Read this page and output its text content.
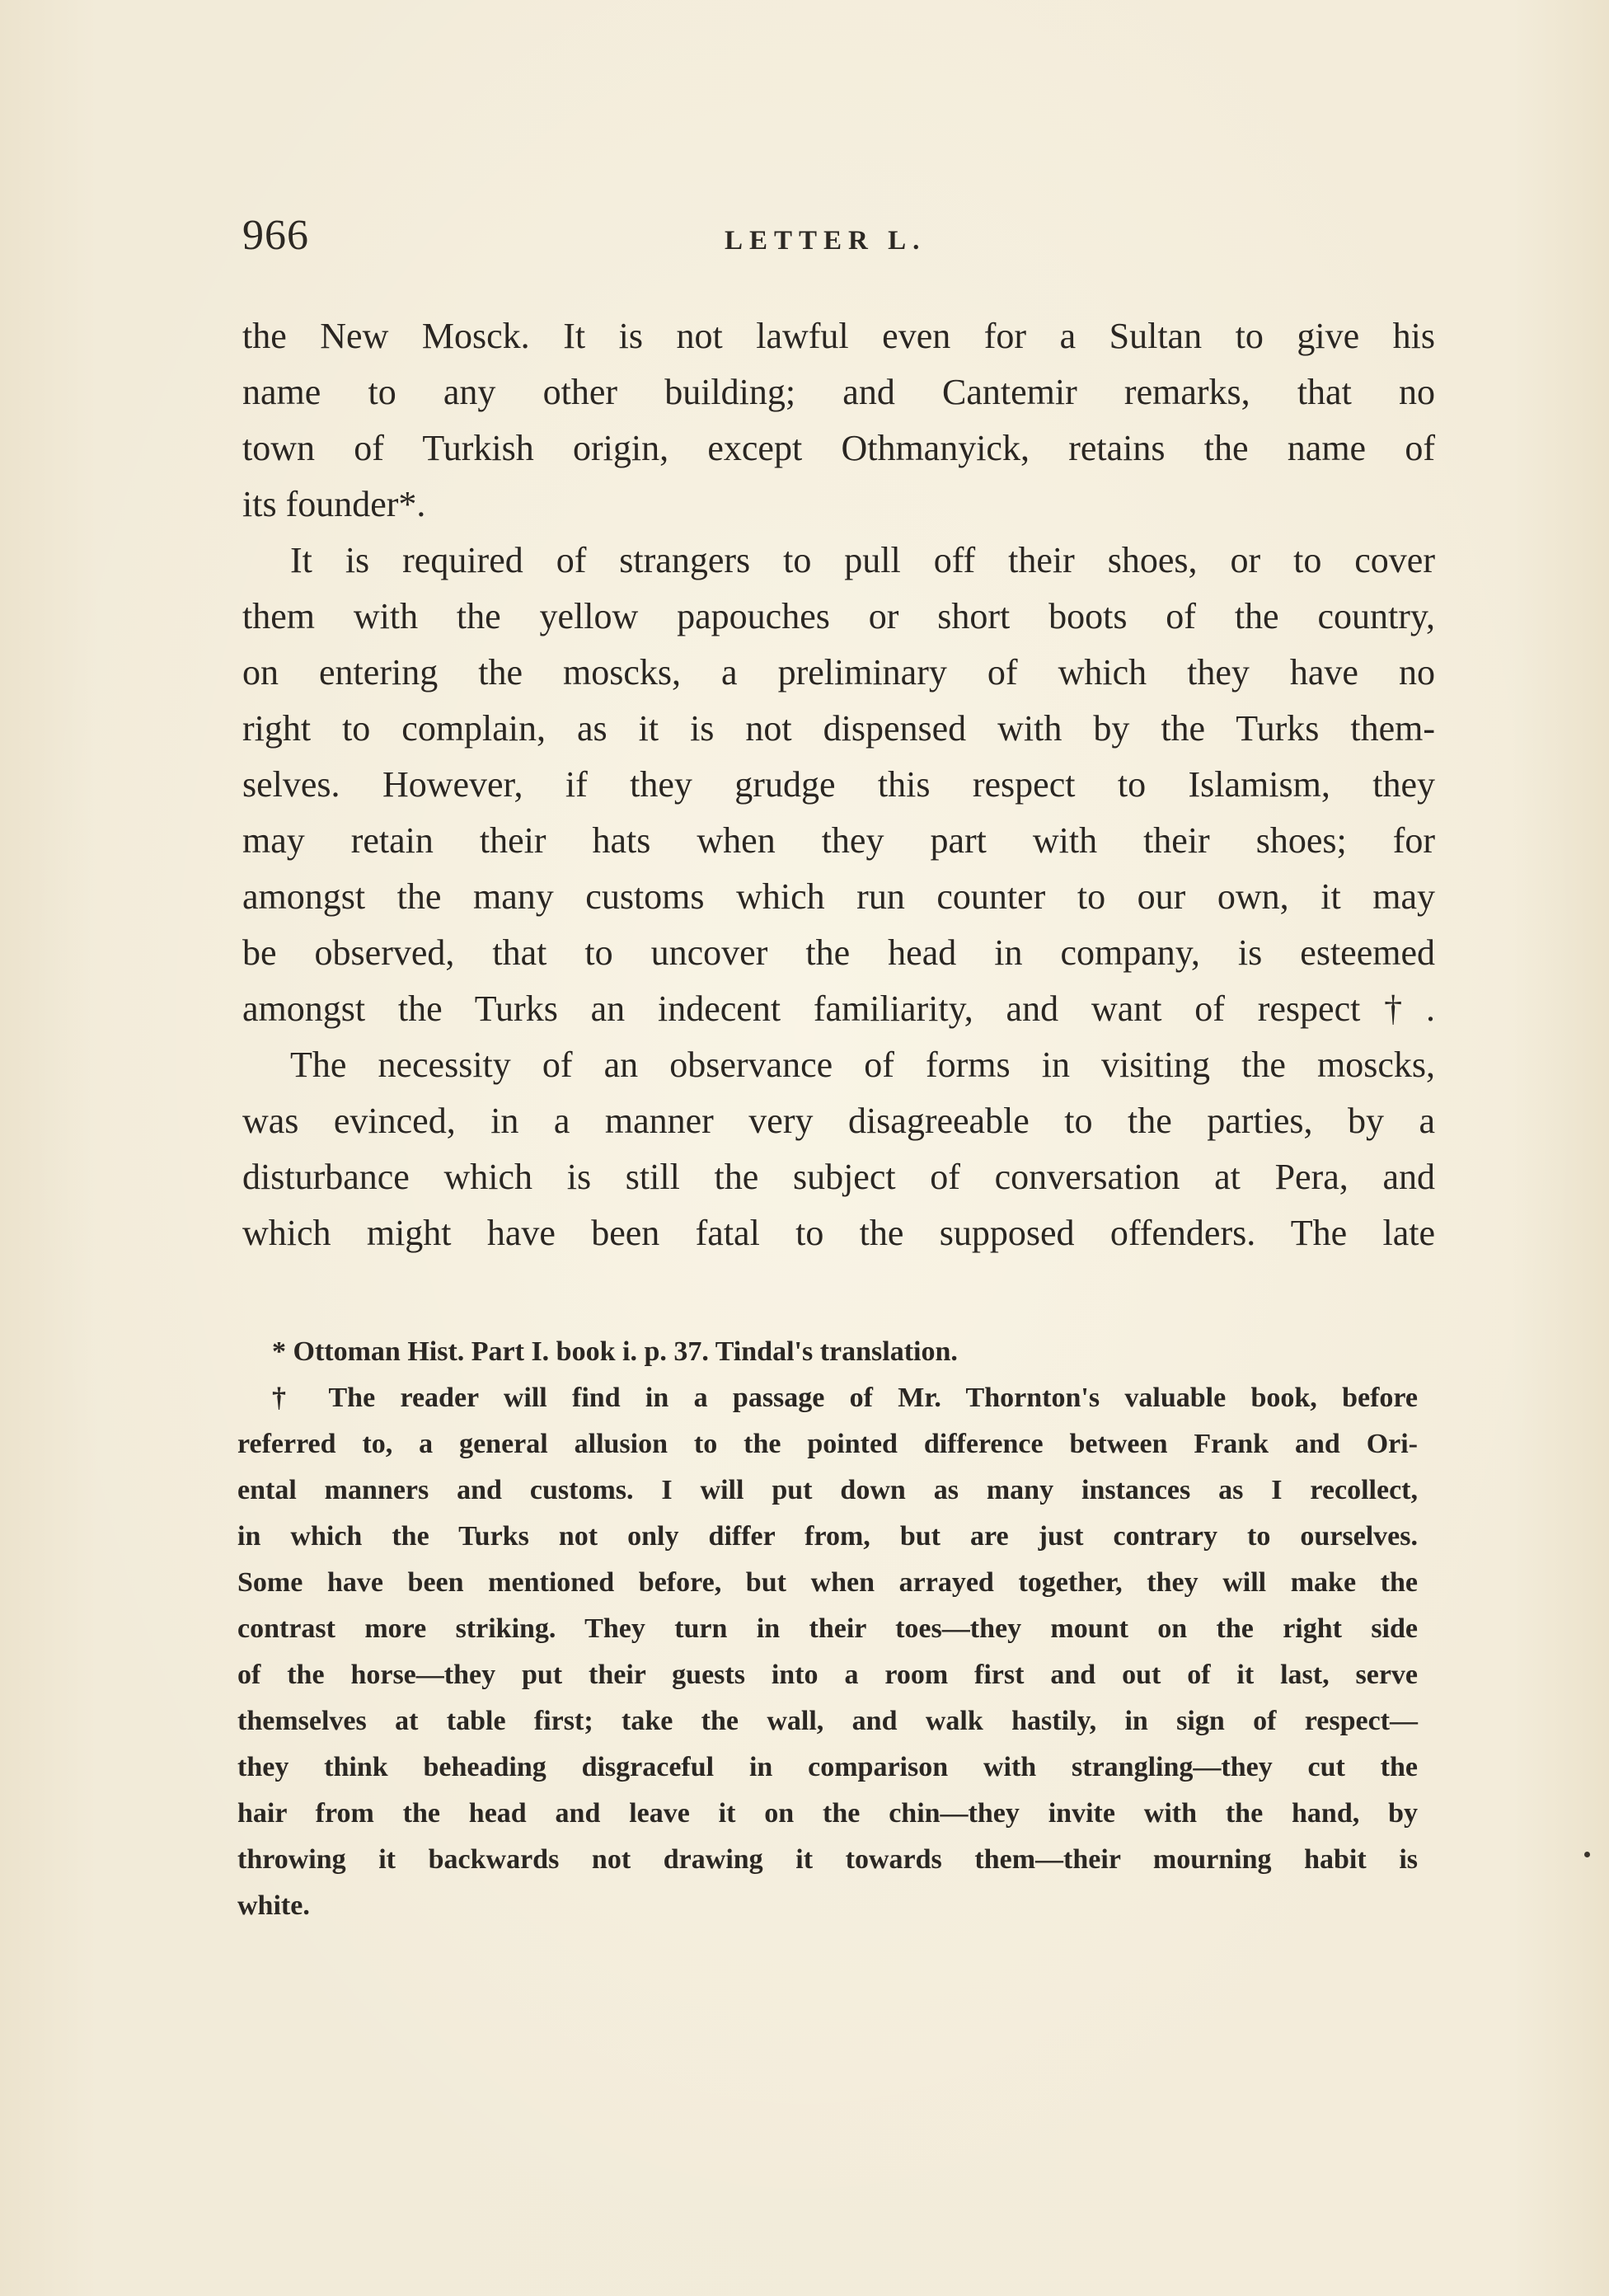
966	LETTER L.
the New Mosck. It is not lawful even for a Sultan to give his
name to any other building; and Cantemir remarks, that no
town of Turkish origin, except Othmanyick, retains the name of
its founder*.
It is required of strangers to pull off their shoes, or to cover
them with the yellow papouches or short boots of the country,
on entering the moscks, a preliminary of which they have no
right to complain, as it is not dispensed with by the Turks them-
selves. However, if they grudge this respect to Islamism, they
may retain their hats when they part with their shoes; for
amongst the many customs which run counter to our own, it may
be observed, that to uncover the head in company, is esteemed
amongst the Turks an indecent familiarity, and want of respect†.
The necessity of an observance of forms in visiting the moscks,
was evinced, in a manner very disagreeable to the parties, by a
disturbance which is still the subject of conversation at Pera, and
which might have been fatal to the supposed offenders. The late
* Ottoman Hist. Part I. book i. p. 37. Tindal's translation.
† The reader will find in a passage of Mr. Thornton's valuable book, before
referred to, a general allusion to the pointed difference between Frank and Ori-
ental manners and customs. I will put down as many instances as I recollect,
in which the Turks not only differ from, but are just contrary to ourselves.
Some have been mentioned before, but when arrayed together, they will make the
contrast more striking. They turn in their toes—they mount on the right side
of the horse—they put their guests into a room first and out of it last, serve
themselves at table first; take the wall, and walk hastily, in sign of respect—
they think beheading disgraceful in comparison with strangling—they cut the
hair from the head and leave it on the chin—they invite with the hand, by
throwing it backwards not drawing it towards them—their mourning habit is
white.
